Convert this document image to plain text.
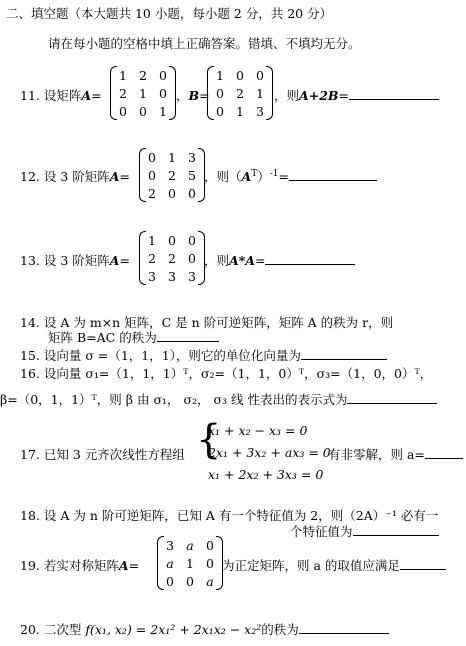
二、填空题（本大题共 10 小题，每小题 2 分，共 20 分）
请在每小题的空格中填上正确答案。错填、不填均无分。
11. 设矩阵A=
1	2	0
2	1	0
0	0	1
，B=
1	0	0
0	2	1
0	1	3
，则A+2B=
12. 设 3 阶矩阵A=
0	1	3
0	2	5
2	0	0
，则$(A^T)^{-1}=$
13. 设 3 阶矩阵A=
1	0	0
2	2	0
3	3	3
，则A*A=
14. 设 A 为 m×n 矩阵，C 是 n 阶可逆矩阵，矩阵 A 的秩为 r，则
矩阵 B=AC 的秩为
15. 设向量 σ =（1，1，1），则它的单位化向量为
16. 设向量 σ₁=（1，1，1）ᵀ，σ₂=（1，1，0）ᵀ，σ₃=（1，0，0）ᵀ，
β=（0，1，1）ᵀ，则 β 由 σ₁， σ₂， σ₃ 线 性表出的表示式为
17. 已知 3 元齐次线性方程组 {
x₁ + x₂ − x₃ = 0
2x₁ + 3x₂ + ax₃ = 0
x₁ + 2x₂ + 3x₃ = 0
有非零解，则 a=
18. 设 A 为 n 阶可逆矩阵，已知 A 有一个特征值为 2，则（2A）⁻¹ 必有一
个特征值为
19. 若实对称矩阵A=
3	a	0
a	1	0
0	0	a
为正定矩阵，则 a 的取值应满足
20. 二次型 f(x₁, x₂) = 2x₁² + 2x₁x₂ − x₂²的秩为
